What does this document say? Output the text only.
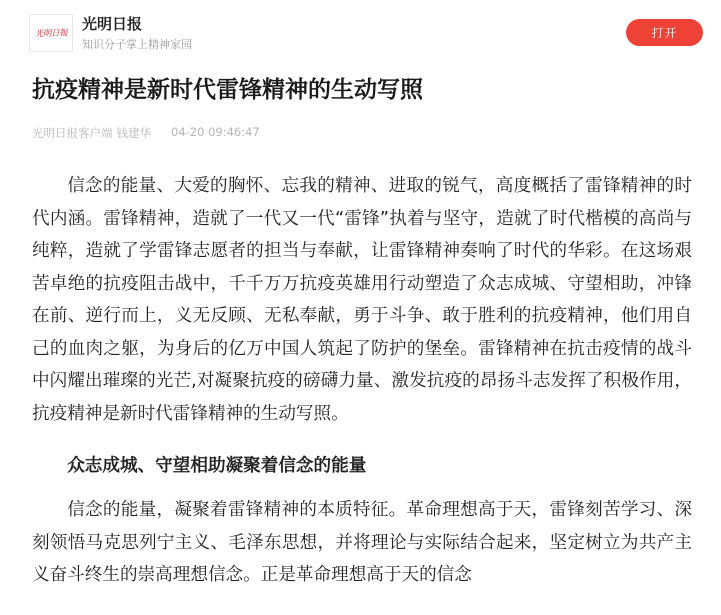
光明日報
光明日报
知识分子掌上精神家园
打开
抗疫精神是新时代雷锋精神的生动写照
光明日报客户端 钱建华 04-20 09:46:47

信念的能量、大爱的胸怀、忘我的精神、进取的锐气，高度概括了雷锋精神的时代内涵。雷锋精神，造就了一代又一代“雷锋”执着与坚守，造就了时代楷模的高尚与纯粹，造就了学雷锋志愿者的担当与奉献，让雷锋精神奏响了时代的华彩。在这场艰苦卓绝的抗疫阻击战中，千千万万抗疫英雄用行动塑造了众志成城、守望相助，冲锋在前、逆行而上，义无反顾、无私奉献，勇于斗争、敢于胜利的抗疫精神，他们用自己的血肉之躯，为身后的亿万中国人筑起了防护的堡垒。雷锋精神在抗击疫情的战斗中闪耀出璀璨的光芒,对凝聚抗疫的磅礴力量、激发抗疫的昂扬斗志发挥了积极作用，抗疫精神是新时代雷锋精神的生动写照。

众志成城、守望相助凝聚着信念的能量

信念的能量，凝聚着雷锋精神的本质特征。革命理想高于天，雷锋刻苦学习、深刻领悟马克思列宁主义、毛泽东思想，并将理论与实际结合起来，坚定树立为共产主义奋斗终生的崇高理想信念。正是革命理想高于天的信念
